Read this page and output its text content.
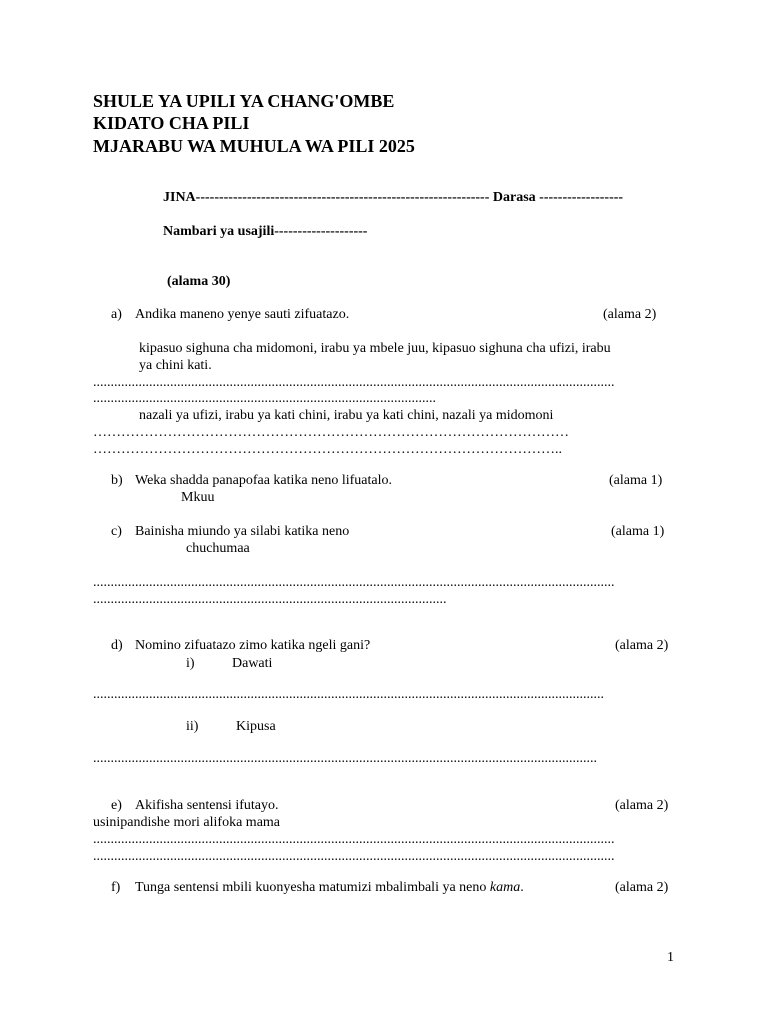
SHULE YA UPILI YA CHANG'OMBE
KIDATO CHA PILI
MJARABU WA MUHULA WA PILI 2025
JINA--------------------------------------------------------------- Darasa ------------------
Nambari ya usajili--------------------
(alama 30)
a) Andika maneno yenye sauti zifuatazo.	(alama 2)
kipasuo sighuna cha midomoni, irabu ya mbele juu, kipasuo sighuna cha ufizi, irabu
ya chini kati.
.....................................................................................................................................................
..................................................................................................
nazali ya ufizi, irabu ya kati chini, irabu ya kati chini, nazali ya midomoni
…………………………………………………………………………………………
………………………………………………………………………………………..
b) Weka shadda panapofaa katika neno lifuatalo.	(alama 1)
Mkuu
c) Bainisha miundo ya silabi katika neno	(alama 1)
chuchumaa
.....................................................................................................................................................
.....................................................................................................
d) Nomino zifuatazo zimo katika ngeli gani?	(alama 2)
i)	Dawati
..................................................................................................................................................
ii)	Kipusa
................................................................................................................................................
e) Akifisha sentensi ifutayo.	(alama 2)
usinipandishe mori alifoka mama
.....................................................................................................................................................
.....................................................................................................................................................
f) Tunga sentensi mbili kuonyesha matumizi mbalimbali ya neno kama.	(alama 2)
1
